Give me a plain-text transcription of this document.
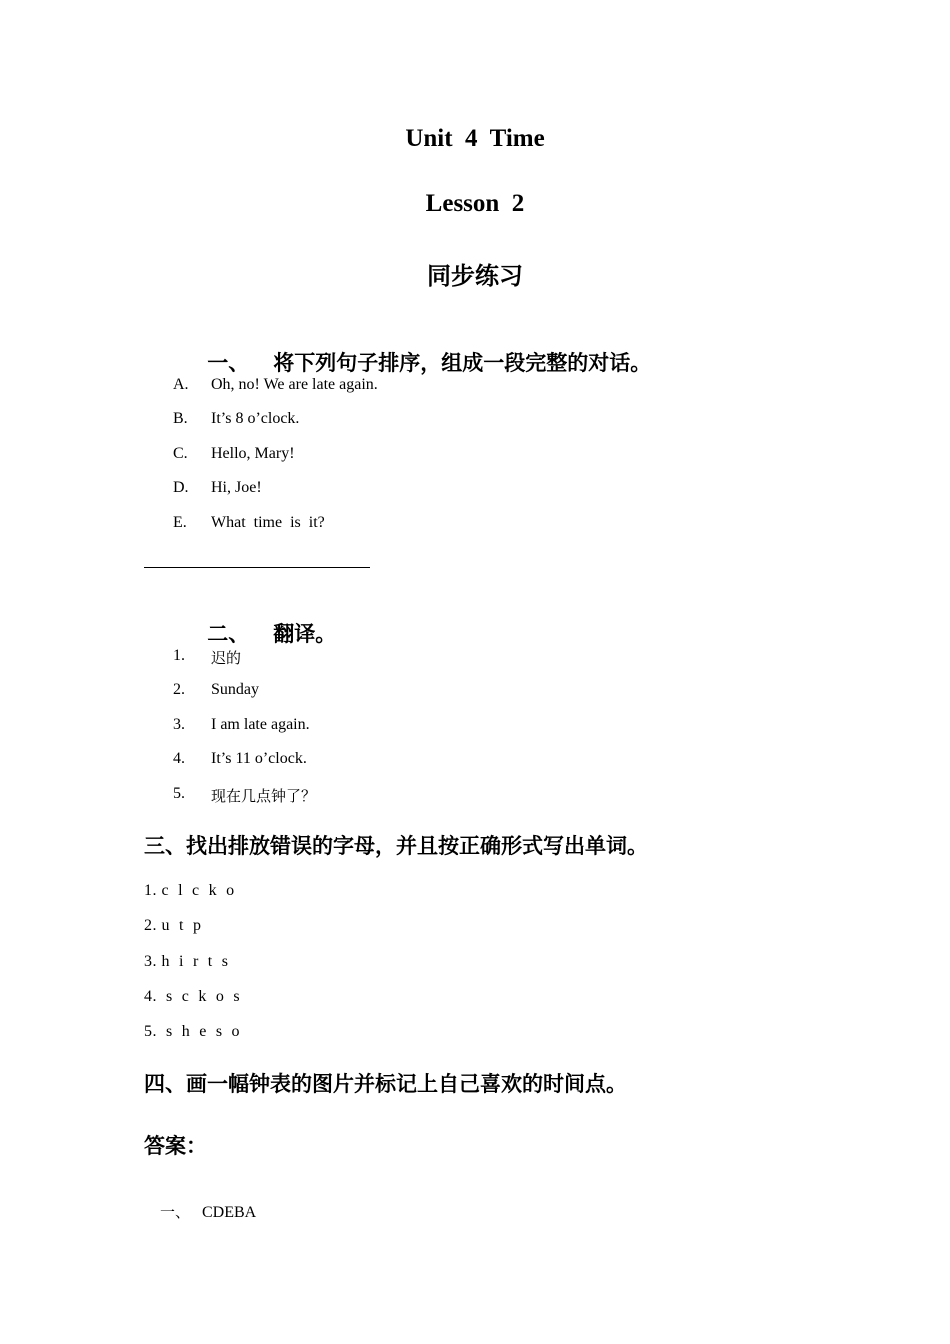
Unit  4  Time
Lesson  2
同步练习

一、 将下列句子排序，组成一段完整的对话。

A.

Oh, no! We are late again.

B.

It’s 8 o’clock.

C.

Hello, Mary!

D.

Hi, Joe!

E.

What  time  is  it?

二、 翻译。

1.

迟的

2.

Sunday

3.

I am late again.

4.

It’s 11 o’clock.

5.

现在几点钟了？

三、找出排放错误的字母，并且按正确形式写出单词。
1. c  l  c  k  o
2. u  t  p
3. h  i  r  t  s
4.  s  c  k  o  s
5.  s  h  e  s  o
四、画一幅钟表的图片并标记上自己喜欢的时间点。
答案：

一、 CDEBA
